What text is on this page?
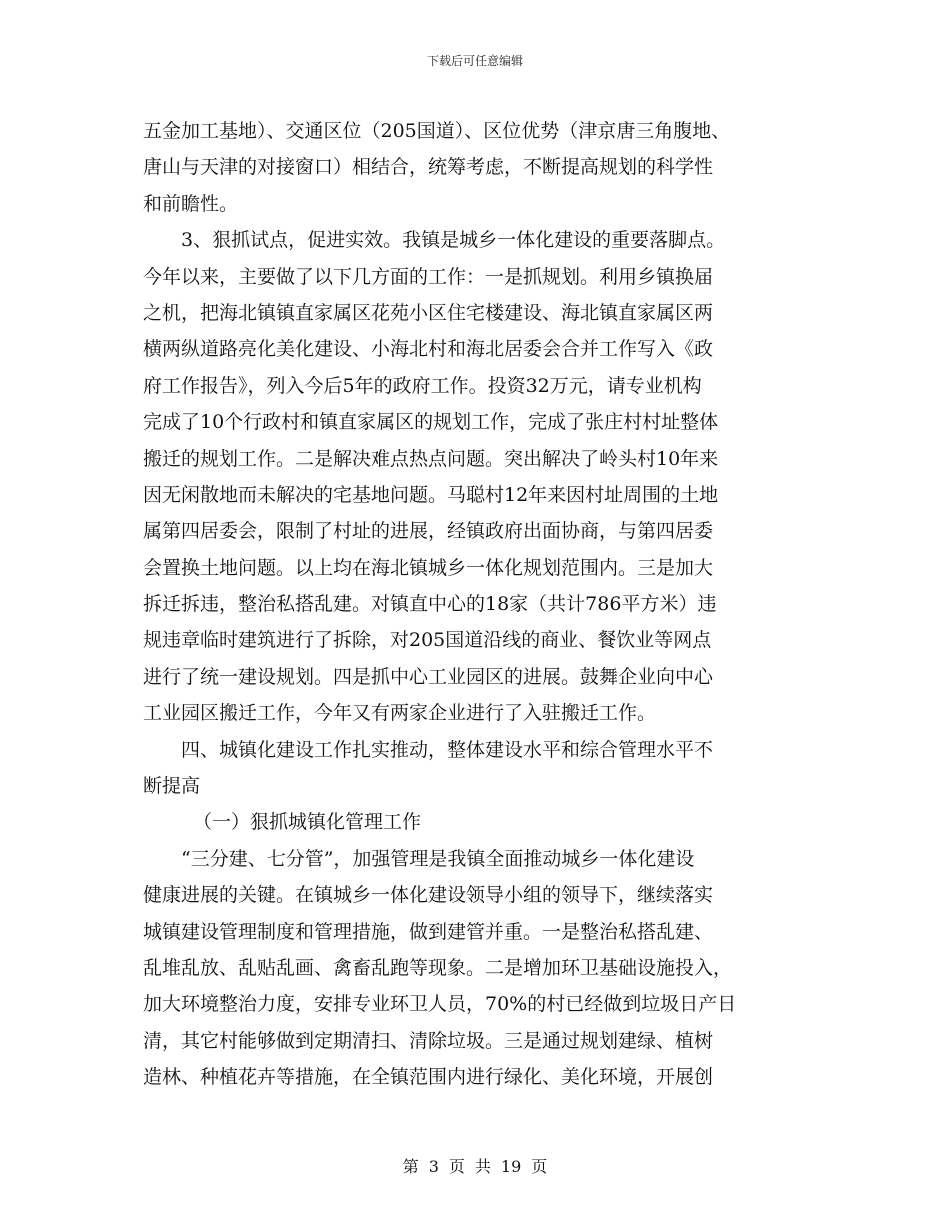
下载后可任意编辑
五金加工基地）、交通区位（205国道）、区位优势（津京唐三角腹地、
唐山与天津的对接窗口）相结合，统筹考虑，不断提高规划的科学性
和前瞻性。
3、狠抓试点，促进实效。我镇是城乡一体化建设的重要落脚点。
今年以来，主要做了以下几方面的工作：一是抓规划。利用乡镇换届
之机，把海北镇镇直家属区花苑小区住宅楼建设、海北镇直家属区两
横两纵道路亮化美化建设、小海北村和海北居委会合并工作写入《政
府工作报告》，列入今后5年的政府工作。投资32万元，请专业机构
完成了10个行政村和镇直家属区的规划工作，完成了张庄村村址整体
搬迁的规划工作。二是解决难点热点问题。突出解决了岭头村10年来
因无闲散地而未解决的宅基地问题。马聪村12年来因村址周围的土地
属第四居委会，限制了村址的进展，经镇政府出面协商，与第四居委
会置换土地问题。以上均在海北镇城乡一体化规划范围内。三是加大
拆迁拆违，整治私搭乱建。对镇直中心的18家（共计786平方米）违
规违章临时建筑进行了拆除，对205国道沿线的商业、餐饮业等网点
进行了统一建设规划。四是抓中心工业园区的进展。鼓舞企业向中心
工业园区搬迁工作，今年又有两家企业进行了入驻搬迁工作。
四、城镇化建设工作扎实推动，整体建设水平和综合管理水平不
断提高
（一）狠抓城镇化管理工作
“三分建、七分管”，加强管理是我镇全面推动城乡一体化建设
健康进展的关键。在镇城乡一体化建设领导小组的领导下，继续落实
城镇建设管理制度和管理措施，做到建管并重。一是整治私搭乱建、
乱堆乱放、乱贴乱画、禽畜乱跑等现象。二是增加环卫基础设施投入，
加大环境整治力度，安排专业环卫人员，70%的村已经做到垃圾日产日
清，其它村能够做到定期清扫、清除垃圾。三是通过规划建绿、植树
造林、种植花卉等措施，在全镇范围内进行绿化、美化环境，开展创
第 3 页 共 19 页
